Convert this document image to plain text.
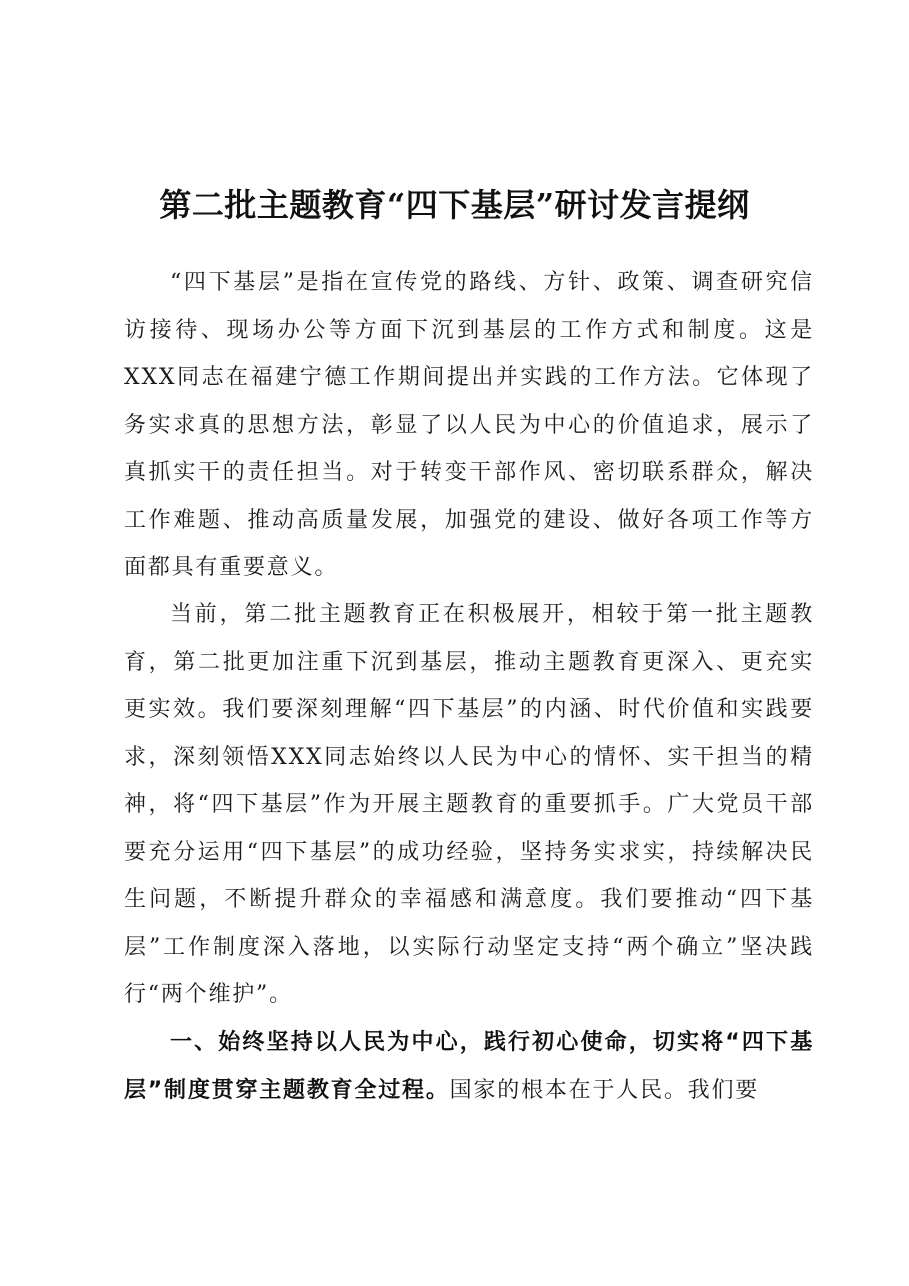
第二批主题教育“四下基层”研讨发言提纲

“四下基层”是指在宣传党的路线、方针、政策、调查研究信访接待、现场办公等方面下沉到基层的工作方式和制度。这是XXX同志在福建宁德工作期间提出并实践的工作方法。它体现了务实求真的思想方法，彰显了以人民为中心的价值追求，展示了真抓实干的责任担当。对于转变干部作风、密切联系群众，解决工作难题、推动高质量发展，加强党的建设、做好各项工作等方面都具有重要意义。

当前，第二批主题教育正在积极展开，相较于第一批主题教育，第二批更加注重下沉到基层，推动主题教育更深入、更充实更实效。我们要深刻理解“四下基层”的内涵、时代价值和实践要求，深刻领悟XXX同志始终以人民为中心的情怀、实干担当的精神，将“四下基层”作为开展主题教育的重要抓手。广大党员干部要充分运用“四下基层”的成功经验，坚持务实求实，持续解决民生问题，不断提升群众的幸福感和满意度。我们要推动“四下基层”工作制度深入落地，以实际行动坚定支持“两个确立”坚决践行“两个维护”。

一、始终坚持以人民为中心，践行初心使命，切实将“四下基层”制度贯穿主题教育全过程。国家的根本在于人民。我们要
